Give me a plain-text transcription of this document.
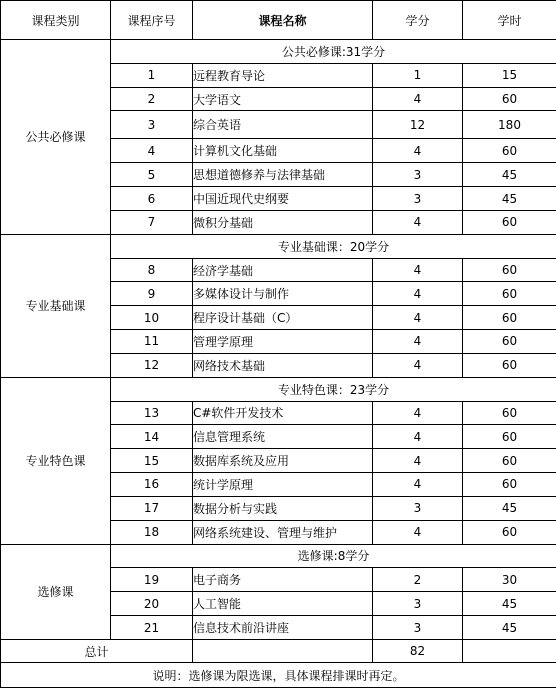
课程类别	课程序号	课程名称	学分	学时
公共必修课	公共必修课:31学分			
	1	远程教育导论	1	15
	2	大学语文	4	60
	3	综合英语	12	180
	4	计算机文化基础	4	60
	5	思想道德修养与法律基础	3	45
	6	中国近现代史纲要	3	45
	7	微积分基础	4	60
专业基础课	专业基础课：20学分			
	8	经济学基础	4	60
	9	多媒体设计与制作	4	60
	10	程序设计基础（C）	4	60
	11	管理学原理	4	60
	12	网络技术基础	4	60
专业特色课	专业特色课：23学分			
	13	C#软件开发技术	4	60
	14	信息管理系统	4	60
	15	数据库系统及应用	4	60
	16	统计学原理	4	60
	17	数据分析与实践	3	45
	18	网络系统建设、管理与维护	4	60
选修课	选修课:8学分			
	19	电子商务	2	30
	20	人工智能	3	45
	21	信息技术前沿讲座	3	45
总计			82	
说明：选修课为限选课，具体课程排课时再定。				
